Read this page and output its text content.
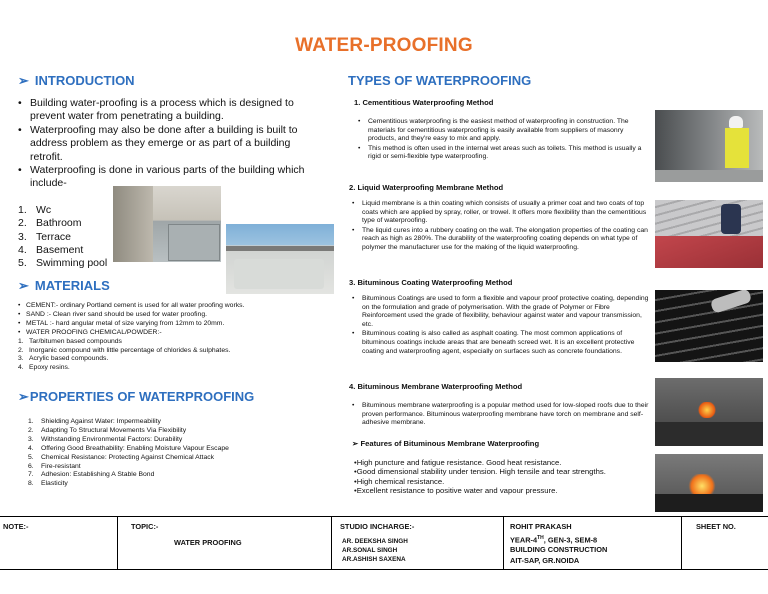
WATER-PROOFING
➢ INTRODUCTION
• Building water-proofing is a process which is designed to prevent water from penetrating a building.
• Waterproofing may also be done after a building is built to address problem as they emerge or as part of a building retrofit.
• Waterproofing is done in various parts of the building which include-
1. Wc
2. Bathroom
3. Terrace
4. Basement
5. Swimming pool
➢ MATERIALS
•   CEMENT:- ordinary Portland cement is used for all water proofing works.
•   SAND :- Clean river sand should be used for water proofing.
•   METAL :- hard angular metal of size varying from 12mm to 20mm.
•   WATER PROOFING CHEMICAL/POWDER:-
1. Tar/bitumen based compounds
2. Inorganic compound with little percentage of chlorides & sulphates.
3. Acrylic based compounds.
4. Epoxy resins.
➢PROPERTIES OF WATERPROOFING
1. Shielding Against Water: Impermeability
2. Adapting To Structural Movements Via Flexibility
3. Withstanding Environmental Factors: Durability
4. Offering Good Breathability: Enabling Moisture Vapour Escape
5. Chemical Resistance: Protecting Against Chemical Attack
6. Fire-resistant
7. Adhesion: Establishing A Stable Bond
8. Elasticity
TYPES OF WATERPROOFING
1. Cementitious Waterproofing Method
• Cementitious waterproofing is the easiest method of waterproofing in construction. The materials for cementitious waterproofing is easily available from suppliers of masonry products, and they're easy to mix and apply.
• This method is often used in the internal wet areas such as toilets. This method is usually a rigid or semi-flexible type waterproofing.
2. Liquid Waterproofing Membrane Method
• Liquid membrane is a thin coating which consists of usually a primer coat and two coats of top coats which are applied by spray, roller, or trowel. It offers more flexibility than the cementitious type of waterproofing.
• The liquid cures into a rubbery coating on the wall. The elongation properties of the coating can reach as high as 280%. The durability of the waterproofing coating depends on what type of polymer the manufacturer use for the making of the liquid waterproofing.
3. Bituminous Coating Waterproofing Method
• Bituminous Coatings are used to form a flexible and vapour proof protective coating, depending on the formulation and grade of polymerisation. With the grade of Polymer or Fibre Reinforcement used the grade of flexibility, behaviour against water and vapour transmission, etc.
• Bituminous coating is also called as asphalt coating. The most common applications of bituminous coatings include areas that are beneath screed wet. It is an excellent protective coating and waterproofing agent, especially on surfaces such as concrete foundations.
4. Bituminous Membrane Waterproofing Method
• Bituminous membrane waterproofing is a popular method used for low-sloped roofs due to their proven performance. Bituminous waterproofing membrane have torch on membrane and self-adhesive membrane.
➢ Features of Bituminous Membrane Waterproofing
•High puncture and fatigue resistance. Good heat resistance.
•Good dimensional stability under tension. High tensile and tear strengths.
•High chemical resistance.
•Excellent resistance to positive water and vapour pressure.
NOTE:-	TOPIC:-
WATER PROOFING
STUDIO INCHARGE:-
AR. DEEKSHA SINGH
AR.SONAL SINGH
AR.ASHISH SAXENA
ROHIT PRAKASH
YEAR-4TH, GEN-3, SEM-8
BUILDING CONSTRUCTION
AIT-SAP, GR.NOIDA
SHEET NO.
